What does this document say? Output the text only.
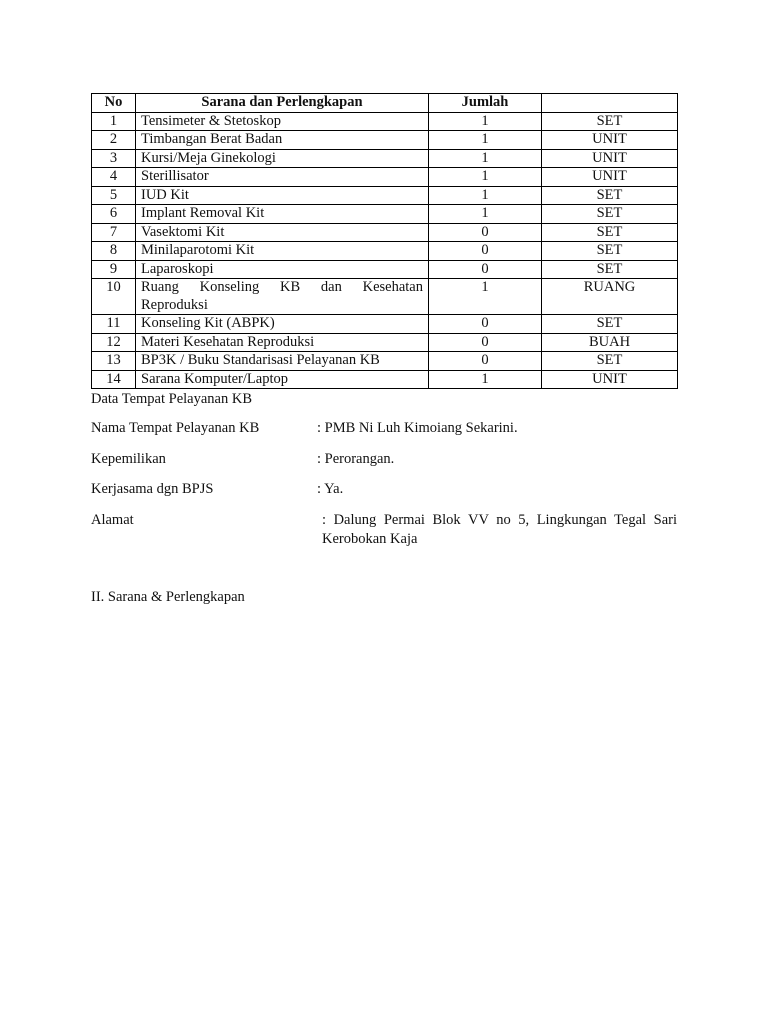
No	Sarana dan Perlengkapan	Jumlah	
1	Tensimeter & Stetoskop	1	SET
2	Timbangan Berat Badan	1	UNIT
3	Kursi/Meja Ginekologi	1	UNIT
4	Sterillisator	1	UNIT
5	IUD Kit	1	SET
6	Implant Removal Kit	1	SET
7	Vasektomi Kit	0	SET
8	Minilaparotomi Kit	0	SET
9	Laparoskopi	0	SET
10	Ruang Konseling KB dan Kesehatan Reproduksi	1	RUANG
11	Konseling Kit (ABPK)	0	SET
12	Materi Kesehatan Reproduksi	0	BUAH
13	BP3K / Buku Standarisasi Pelayanan KB	0	SET
14	Sarana Komputer/Laptop	1	UNIT
Data Tempat Pelayanan KB
Nama Tempat Pelayanan KB	: PMB Ni Luh Kimoiang Sekarini.
Kepemilikan	: Perorangan.
Kerjasama dgn BPJS	: Ya.
Alamat	: Dalung Permai Blok VV no 5, Lingkungan Tegal Sari Kerobokan Kaja
II. Sarana & Perlengkapan
